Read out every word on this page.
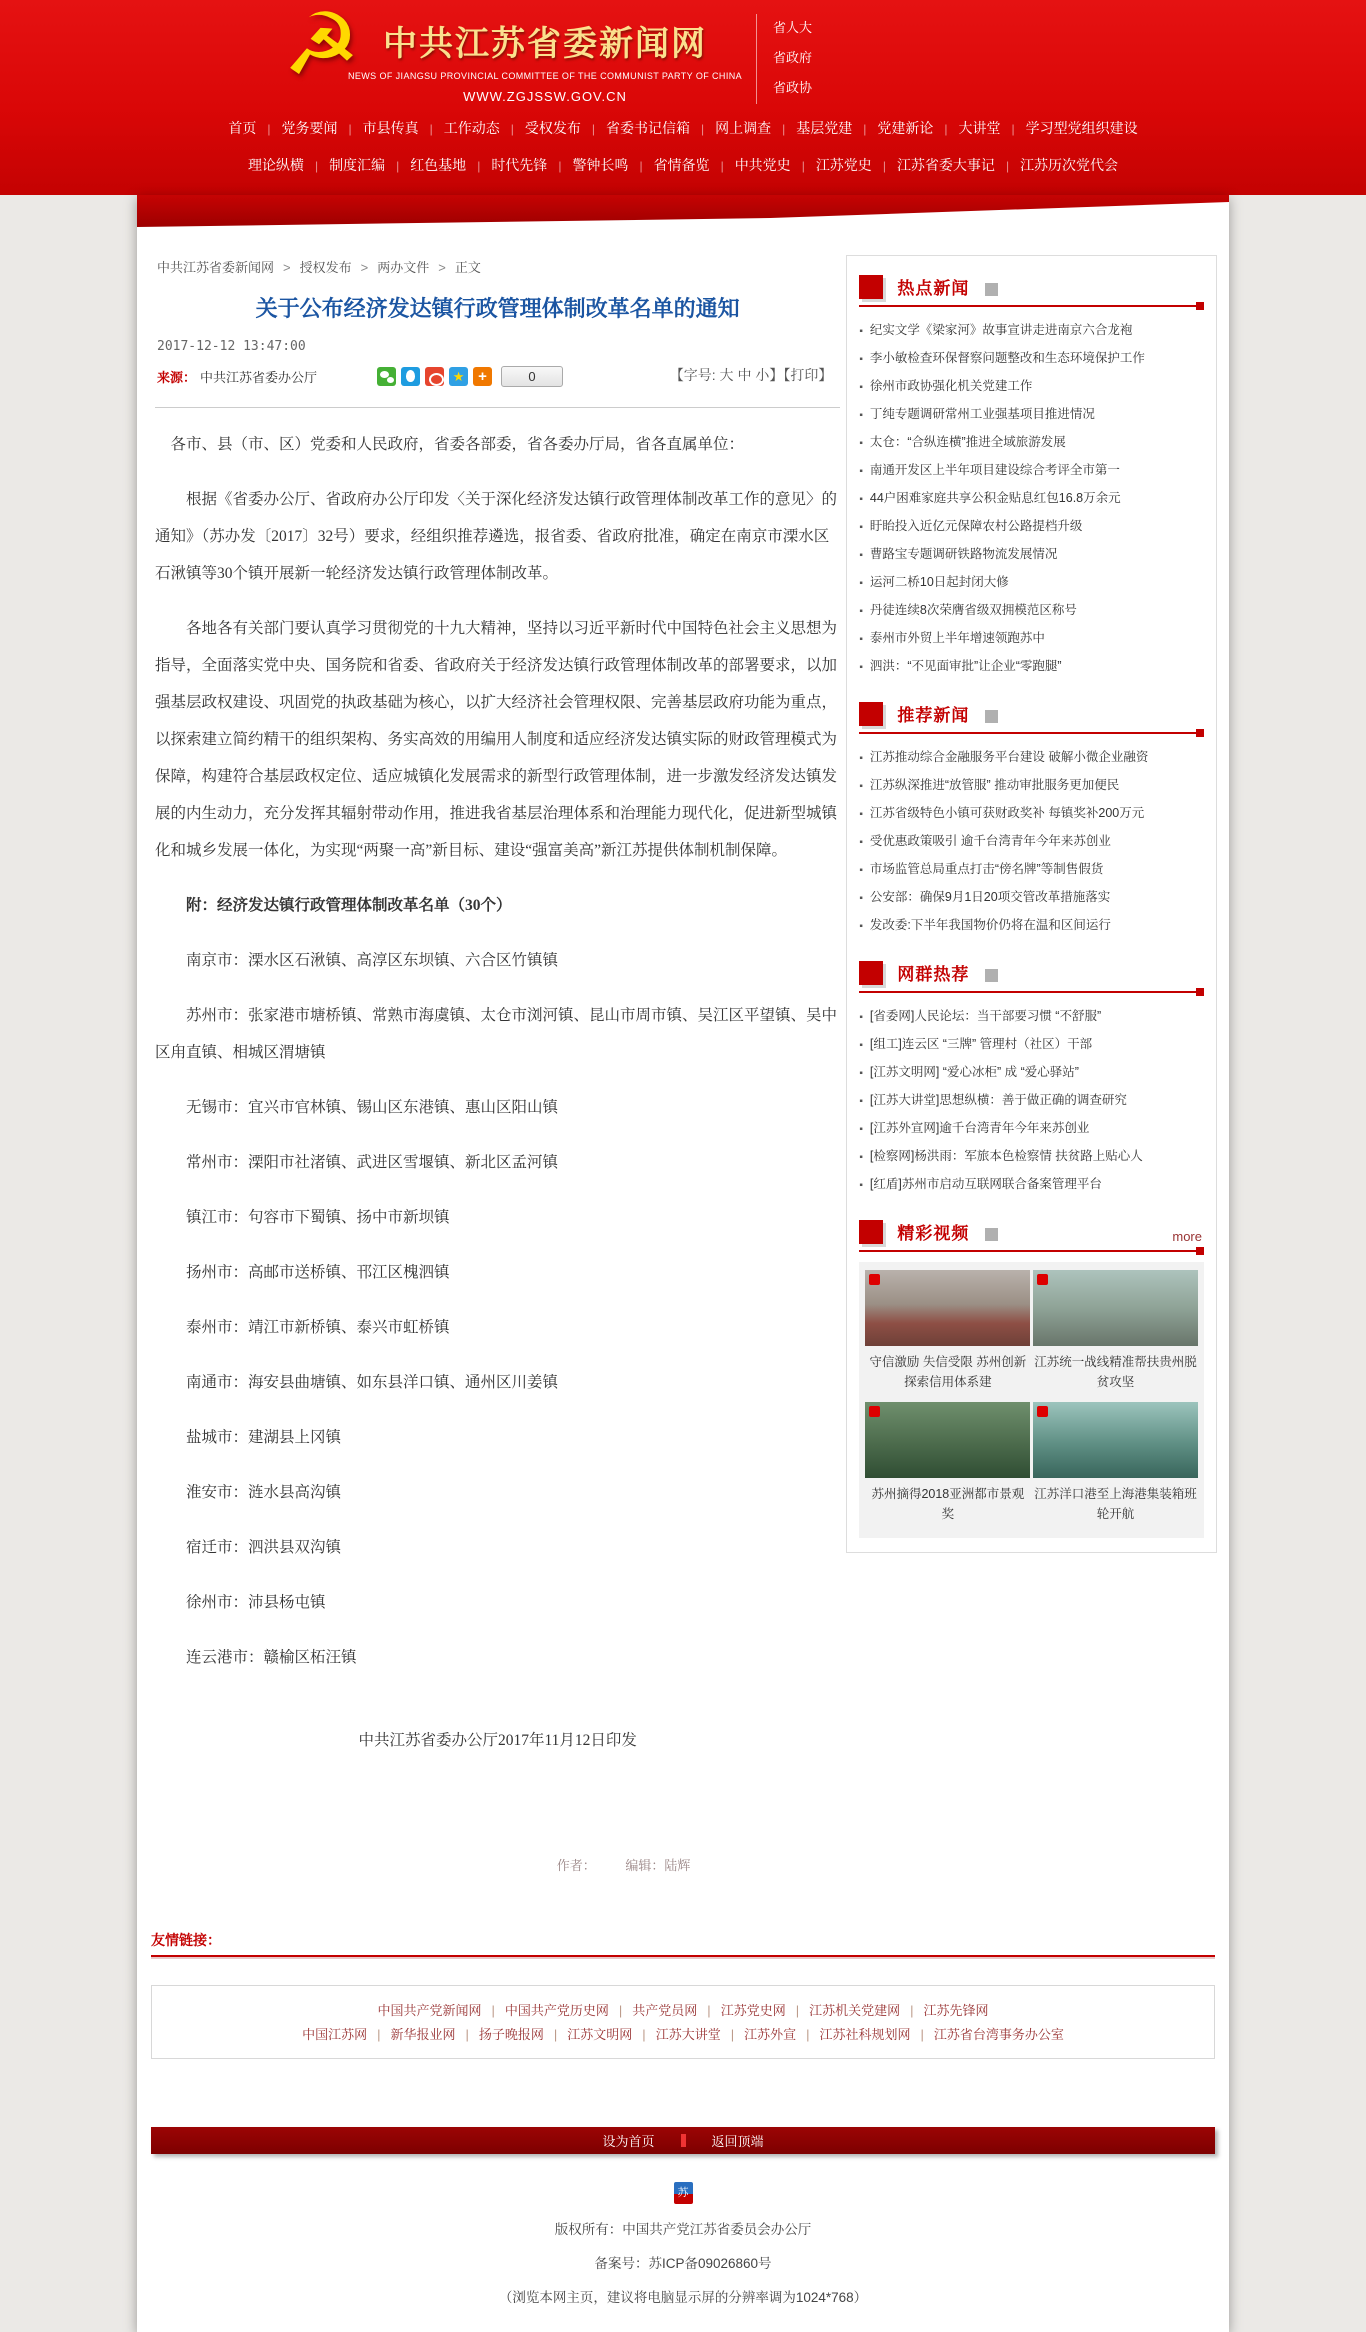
☭ 中共江苏省委新闻网
NEWS OF JIANGSU PROVINCIAL COMMITTEE OF THE COMMUNIST PARTY OF CHINA
WWW.ZGJSSW.GOV.CN
省人大
省政府
省政协
首页	| 党务要闻	| 市县传真	| 工作动态	| 受权发布	| 省委书记信箱	| 网上调查	| 基层党建	| 党建新论	| 大讲堂	| 学习型党组织建设
理论纵横	| 制度汇编	| 红色基地	| 时代先锋	| 警钟长鸣	| 省情备览	| 中共党史	| 江苏党史	| 江苏省委大事记	| 江苏历次党代会
中共江苏省委新闻网	> 授权发布	> 两办文件	> 正文
关于公布经济发达镇行政管理体制改革名单的通知
2017-12-12 13:47:00
来源： 中共江苏省委办公厅 ★ +	0	【字号: 大 中 小】【打印】

各市、县（市、区）党委和人民政府，省委各部委，省各委办厅局，省各直属单位：

根据《省委办公厅、省政府办公厅印发〈关于深化经济发达镇行政管理体制改革工作的意见〉的通知》（苏办发〔2017〕32号）要求，经组织推荐遴选，报省委、省政府批准，确定在南京市溧水区石湫镇等30个镇开展新一轮经济发达镇行政管理体制改革。

各地各有关部门要认真学习贯彻党的十九大精神，坚持以习近平新时代中国特色社会主义思想为指导，全面落实党中央、国务院和省委、省政府关于经济发达镇行政管理体制改革的部署要求，以加强基层政权建设、巩固党的执政基础为核心，以扩大经济社会管理权限、完善基层政府功能为重点，以探索建立简约精干的组织架构、务实高效的用编用人制度和适应经济发达镇实际的财政管理模式为保障，构建符合基层政权定位、适应城镇化发展需求的新型行政管理体制，进一步激发经济发达镇发展的内生动力，充分发挥其辐射带动作用，推进我省基层治理体系和治理能力现代化，促进新型城镇化和城乡发展一体化，为实现“两聚一高”新目标、建设“强富美高”新江苏提供体制机制保障。

附：经济发达镇行政管理体制改革名单（30个）

南京市：溧水区石湫镇、高淳区东坝镇、六合区竹镇镇

苏州市：张家港市塘桥镇、常熟市海虞镇、太仓市浏河镇、昆山市周市镇、吴江区平望镇、吴中区甪直镇、相城区渭塘镇

无锡市：宜兴市官林镇、锡山区东港镇、惠山区阳山镇

常州市：溧阳市社渚镇、武进区雪堰镇、新北区孟河镇

镇江市：句容市下蜀镇、扬中市新坝镇

扬州市：高邮市送桥镇、邗江区槐泗镇

泰州市：靖江市新桥镇、泰兴市虹桥镇

南通市：海安县曲塘镇、如东县洋口镇、通州区川姜镇

盐城市：建湖县上冈镇

淮安市：涟水县高沟镇

宿迁市：泗洪县双沟镇

徐州市：沛县杨屯镇

连云港市：赣榆区柘汪镇

中共江苏省委办公厅2017年11月12日印发

作者： 编辑：陆辉
热点新闻
▪ 纪实文学《梁家河》故事宣讲走进南京六合龙袍
▪ 李小敏检查环保督察问题整改和生态环境保护工作
▪ 徐州市政协强化机关党建工作
▪ 丁纯专题调研常州工业强基项目推进情况
▪ 太仓：“合纵连横”推进全域旅游发展
▪ 南通开发区上半年项目建设综合考评全市第一
▪ 44户困难家庭共享公积金贴息红包16.8万余元
▪ 盱眙投入近亿元保障农村公路提档升级
▪ 曹路宝专题调研铁路物流发展情况
▪ 运河二桥10日起封闭大修
▪ 丹徒连续8次荣膺省级双拥模范区称号
▪ 泰州市外贸上半年增速领跑苏中
▪ 泗洪：“不见面审批”让企业“零跑腿”
推荐新闻
▪ 江苏推动综合金融服务平台建设 破解小微企业融资
▪ 江苏纵深推进“放管服” 推动审批服务更加便民
▪ 江苏省级特色小镇可获财政奖补 每镇奖补200万元
▪ 受优惠政策吸引 逾千台湾青年今年来苏创业
▪ 市场监管总局重点打击“傍名牌”等制售假货
▪ 公安部：确保9月1日20项交管改革措施落实
▪ 发改委:下半年我国物价仍将在温和区间运行
网群热荐
▪ [省委网]人民论坛：当干部要习惯 “不舒服”
▪ [组工]连云区 “三牌” 管理村（社区）干部
▪ [江苏文明网] “爱心冰柜” 成 “爱心驿站”
▪ [江苏大讲堂]思想纵横：善于做正确的调查研究
▪ [江苏外宣网]逾千台湾青年今年来苏创业
▪ [检察网]杨洪雨：军旅本色检察情 扶贫路上贴心人
▪ [红盾]苏州市启动互联网联合备案管理平台
精彩视频	more
守信激励 失信受限 苏州创新探索信用体系建
江苏统一战线精准帮扶贵州脱贫攻坚
苏州摘得2018亚洲都市景观奖
江苏洋口港至上海港集装箱班轮开航
友情链接：
中国共产党新闻网 | 中国共产党历史网 | 共产党员网 | 江苏党史网 | 江苏机关党建网 | 江苏先锋网
中国江苏网 | 新华报业网 | 扬子晚报网 | 江苏文明网 | 江苏大讲堂 | 江苏外宣 | 江苏社科规划网 | 江苏省台湾事务办公室
设为首页	返回顶端
苏
版权所有：中国共产党江苏省委员会办公厅
备案号：苏ICP备09026860号
（浏览本网主页，建议将电脑显示屏的分辨率调为1024*768）
